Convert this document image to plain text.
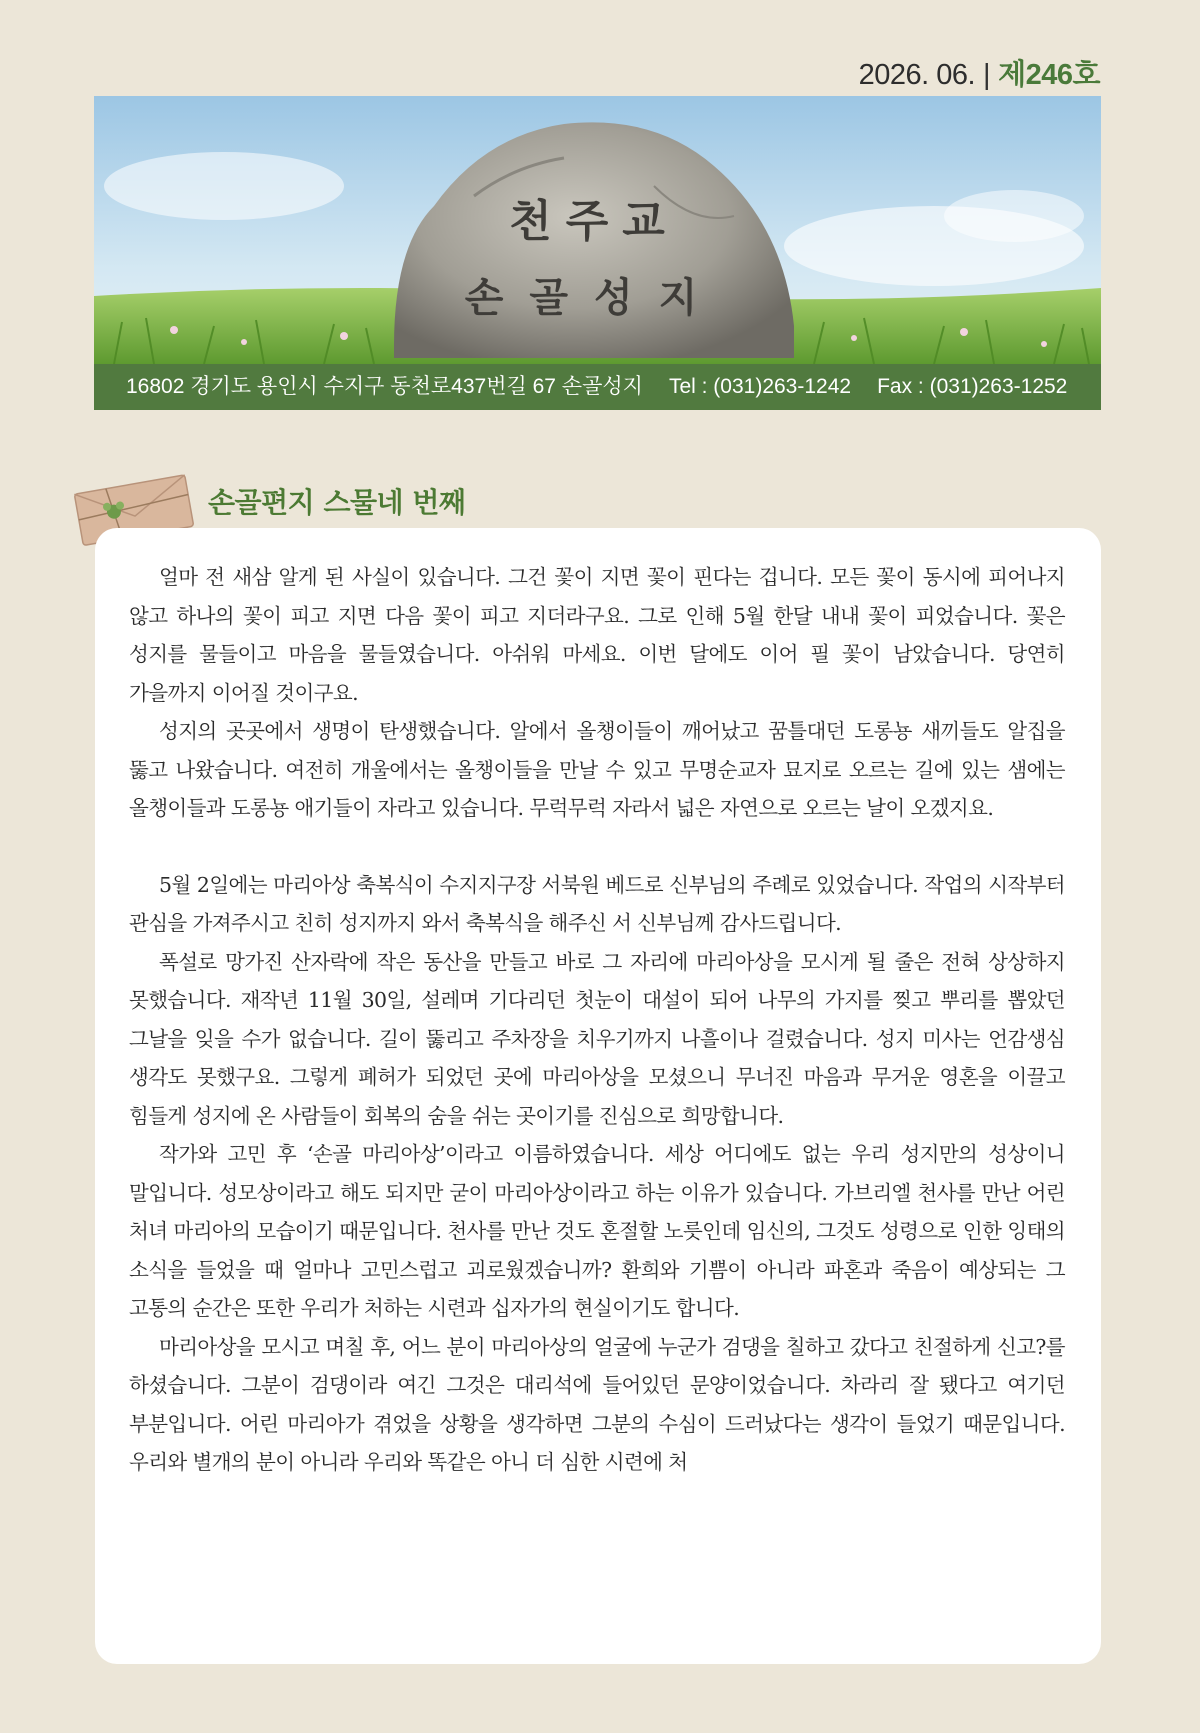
2026. 06. | 제246호
천주교
손골성지
16802 경기도 용인시 수지구 동천로437번길 67 손골성지 Tel : (031)263-1242 Fax : (031)263-1252
손골편지 스물네 번째

얼마 전 새삼 알게 된 사실이 있습니다. 그건 꽃이 지면 꽃이 핀다는 겁니다. 모든 꽃이 동시에 피어나지 않고 하나의 꽃이 피고 지면 다음 꽃이 피고 지더라구요. 그로 인해 5월 한달 내내 꽃이 피었습니다. 꽃은 성지를 물들이고 마음을 물들였습니다. 아쉬워 마세요. 이번 달에도 이어 필 꽃이 남았습니다. 당연히 가을까지 이어질 것이구요.

성지의 곳곳에서 생명이 탄생했습니다. 알에서 올챙이들이 깨어났고 꿈틀대던 도롱뇽 새끼들도 알집을 뚫고 나왔습니다. 여전히 개울에서는 올챙이들을 만날 수 있고 무명순교자 묘지로 오르는 길에 있는 샘에는 올챙이들과 도롱뇽 애기들이 자라고 있습니다. 무럭무럭 자라서 넓은 자연으로 오르는 날이 오겠지요.

5월 2일에는 마리아상 축복식이 수지지구장 서북원 베드로 신부님의 주례로 있었습니다. 작업의 시작부터 관심을 가져주시고 친히 성지까지 와서 축복식을 해주신 서 신부님께 감사드립니다.

폭설로 망가진 산자락에 작은 동산을 만들고 바로 그 자리에 마리아상을 모시게 될 줄은 전혀 상상하지 못했습니다. 재작년 11월 30일, 설레며 기다리던 첫눈이 대설이 되어 나무의 가지를 찢고 뿌리를 뽑았던 그날을 잊을 수가 없습니다. 길이 뚫리고 주차장을 치우기까지 나흘이나 걸렸습니다. 성지 미사는 언감생심 생각도 못했구요. 그렇게 폐허가 되었던 곳에 마리아상을 모셨으니 무너진 마음과 무거운 영혼을 이끌고 힘들게 성지에 온 사람들이 회복의 숨을 쉬는 곳이기를 진심으로 희망합니다.

작가와 고민 후 ‘손골 마리아상’이라고 이름하였습니다. 세상 어디에도 없는 우리 성지만의 성상이니 말입니다. 성모상이라고 해도 되지만 굳이 마리아상이라고 하는 이유가 있습니다. 가브리엘 천사를 만난 어린 처녀 마리아의 모습이기 때문입니다. 천사를 만난 것도 혼절할 노릇인데 임신의, 그것도 성령으로 인한 잉태의 소식을 들었을 때 얼마나 고민스럽고 괴로웠겠습니까? 환희와 기쁨이 아니라 파혼과 죽음이 예상되는 그 고통의 순간은 또한 우리가 처하는 시련과 십자가의 현실이기도 합니다.

마리아상을 모시고 며칠 후, 어느 분이 마리아상의 얼굴에 누군가 검댕을 칠하고 갔다고 친절하게 신고?를 하셨습니다. 그분이 검댕이라 여긴 그것은 대리석에 들어있던 문양이었습니다. 차라리 잘 됐다고 여기던 부분입니다. 어린 마리아가 겪었을 상황을 생각하면 그분의 수심이 드러났다는 생각이 들었기 때문입니다. 우리와 별개의 분이 아니라 우리와 똑같은 아니 더 심한 시련에 처
